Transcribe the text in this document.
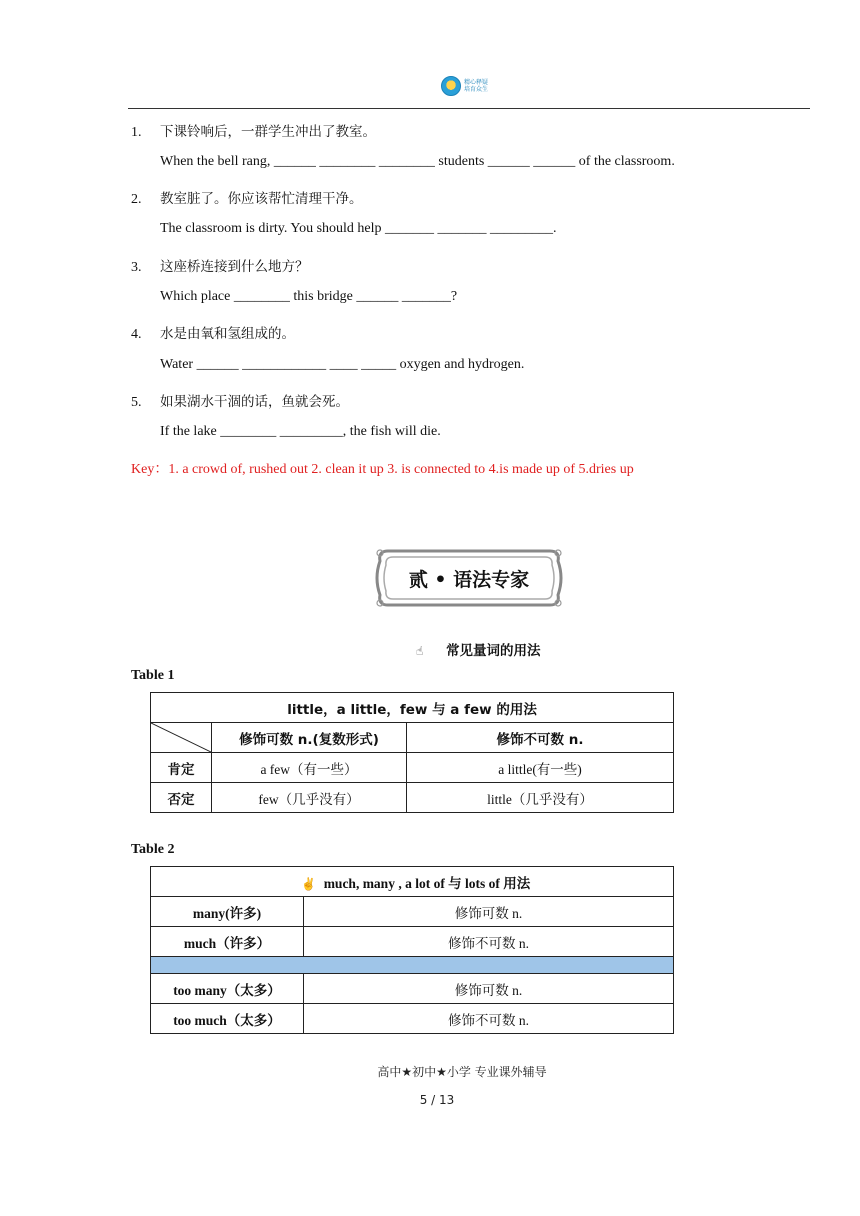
精心释疑
培育众生
1. 下课铃响后，一群学生冲出了教室。
When the bell rang, ______ ________ ________ students ______ ______ of the classroom.
2. 教室脏了。你应该帮忙清理干净。
The classroom is dirty. You should help _______ _______ _________.
3. 这座桥连接到什么地方？
Which place ________ this bridge ______ _______?
4. 水是由氧和氢组成的。
Water ______ ____________ ____ _____ oxygen and hydrogen.
5. 如果湖水干涸的话，鱼就会死。
If the lake ________ _________, the fish will die.
Key：1. a crowd of, rushed out 2. clean it up 3. is connected to 4.is made up of 5.dries up
贰 • 语法专家
☝ 常见量词的用法
Table 1
little，a little，few 与 a few 的用法		

	修饰可数 n.(复数形式)	修饰不可数 n.
肯定	a few（有一些）	a little(有一些)
否定	few（几乎没有）	little（几乎没有）
Table 2
✌ much, many , a lot of 与 lots of 用法	
many(许多)	修饰可数 n.
much（许多）	修饰不可数 n.

too many（太多）	修饰可数 n.
too much（太多）	修饰不可数 n.
高中★初中★小学 专业课外辅导
5 / 13
